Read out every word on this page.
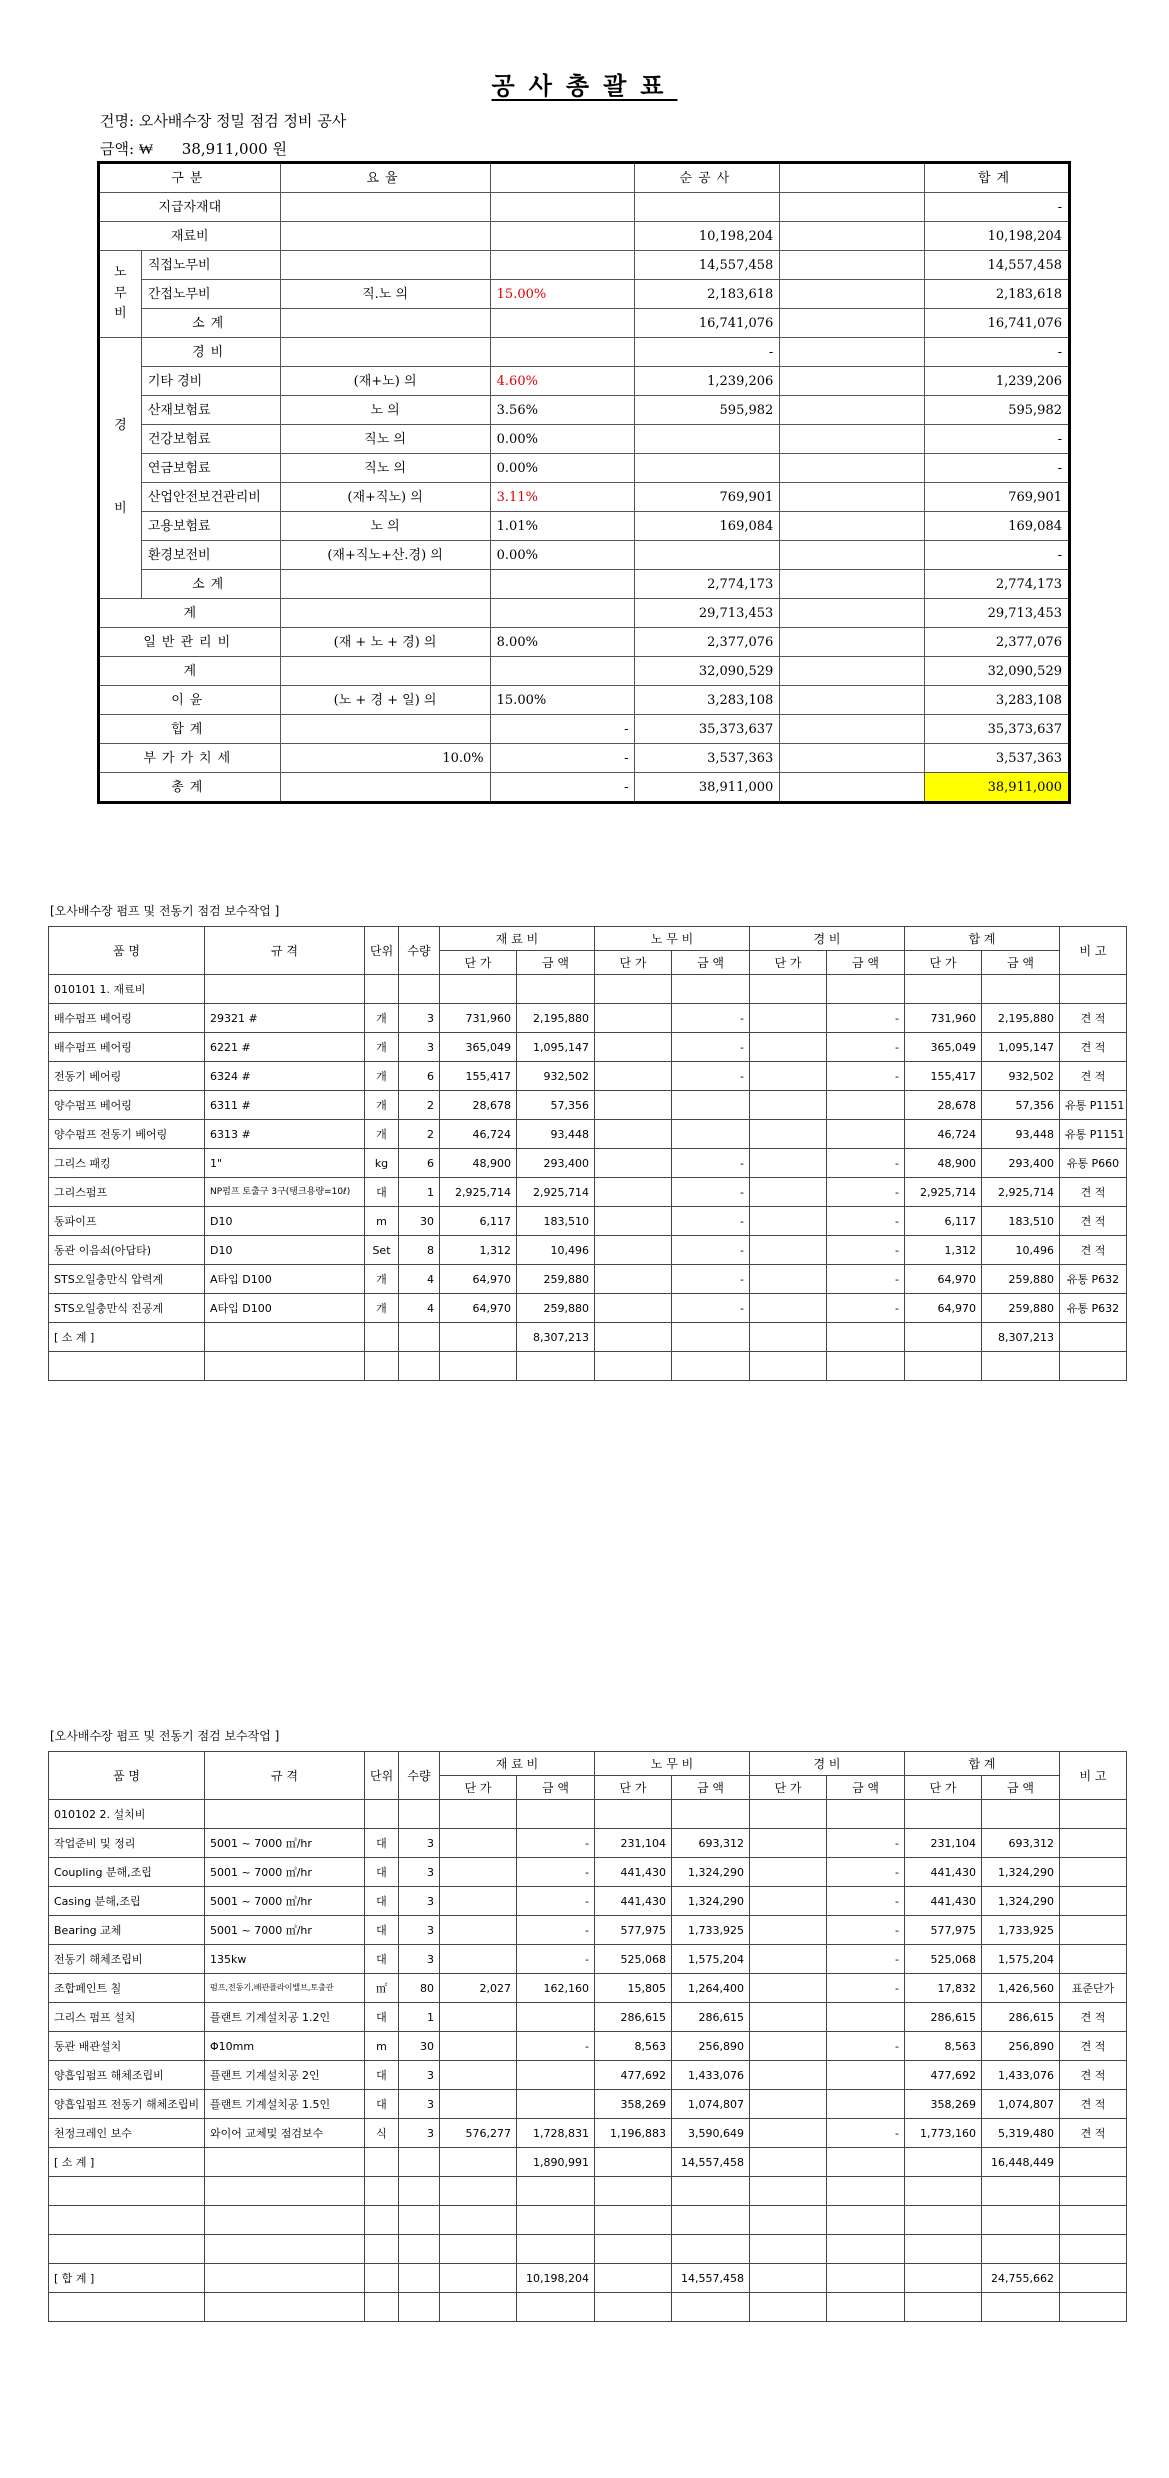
공사총괄표
건명: 오사배수장 정밀 점검 정비 공사
금액: ₩ 38,911,000 원
구분		요율		순공사		합계
지급자재대						-
재료비				10,198,204		10,198,204
노
무
비	직접노무비			14,557,458		14,557,458
	간접노무비	직.노 의	15.00%	2,183,618		2,183,618
	소계			16,741,076		16,741,076
경

비	경비			-		-
	기타 경비	(재+노) 의	4.60%	1,239,206		1,239,206
	산재보험료	노 의	3.56%	595,982		595,982
	건강보험료	직노 의	0.00%			-
	연금보험료	직노 의	0.00%			-
	산업안전보건관리비	(재+직노) 의	3.11%	769,901		769,901
	고용보험료	노 의	1.01%	169,084		169,084
	환경보전비	(재+직노+산.경) 의	0.00%			-
	소계			2,774,173		2,774,173
계				29,713,453		29,713,453
일반관리비		(재 + 노 + 경) 의	8.00%	2,377,076		2,377,076
계				32,090,529		32,090,529
이윤		(노 + 경 + 일) 의	15.00%	3,283,108		3,283,108
합계			-	35,373,637		35,373,637
부가가치세		10.0%	-	3,537,363		3,537,363
총계			-	38,911,000		38,911,000
[오사배수장 펌프 및 전동기 점검 보수작업 ]
품 명	규 격	단위	수량	재 료 비		노 무 비		경 비		합 계		비 고
				단 가	금 액	단 가	금 액	단 가	금 액	단 가	금 액	
010101 1. 재료비												
배수펌프 베어링	29321 #	개	3	731,960	2,195,880		-		-	731,960	2,195,880	견 적
배수펌프 베어링	6221 #	개	3	365,049	1,095,147		-		-	365,049	1,095,147	견 적
전동기 베어링	6324 #	개	6	155,417	932,502		-		-	155,417	932,502	견 적
양수펌프 베어링	6311 #	개	2	28,678	57,356					28,678	57,356	유통 P1151
양수펌프 전동기 베어링	6313 #	개	2	46,724	93,448					46,724	93,448	유통 P1151
그리스 패킹	1"	kg	6	48,900	293,400		-		-	48,900	293,400	유통 P660
그리스펌프	NP펌프 토출구 3구(탱크용량=10ℓ)	대	1	2,925,714	2,925,714		-		-	2,925,714	2,925,714	견 적
동파이프	D10	m	30	6,117	183,510		-		-	6,117	183,510	견 적
동관 이음쇠(아답타)	D10	Set	8	1,312	10,496		-		-	1,312	10,496	견 적
STS오일충만식 압력계	A타입 D100	개	4	64,970	259,880		-		-	64,970	259,880	유통 P632
STS오일충만식 진공계	A타입 D100	개	4	64,970	259,880		-		-	64,970	259,880	유통 P632
[ 소 계 ]					8,307,213						8,307,213	

[오사배수장 펌프 및 전동기 점검 보수작업 ]
품 명	규 격	단위	수량	재 료 비		노 무 비		경 비		합 계		비 고
				단 가	금 액	단 가	금 액	단 가	금 액	단 가	금 액	
010102 2. 설치비												
작업준비 및 정리	5001 ~ 7000 ㎥/hr	대	3		-	231,104	693,312		-	231,104	693,312	
Coupling 분해,조립	5001 ~ 7000 ㎥/hr	대	3		-	441,430	1,324,290		-	441,430	1,324,290	
Casing 분해,조립	5001 ~ 7000 ㎥/hr	대	3		-	441,430	1,324,290		-	441,430	1,324,290	
Bearing 교체	5001 ~ 7000 ㎥/hr	대	3		-	577,975	1,733,925		-	577,975	1,733,925	
전동기 해체조립비	135kw	대	3		-	525,068	1,575,204		-	525,068	1,575,204	
조합페인트 칠	펌프,전동기,배관플라이밸브,토출관	㎡	80	2,027	162,160	15,805	1,264,400		-	17,832	1,426,560	표준단가
그리스 펌프 설치	플랜트 기계설치공 1.2인	대	1			286,615	286,615			286,615	286,615	견 적
동관 배관설치	Φ10mm	m	30		-	8,563	256,890		-	8,563	256,890	견 적
양흡입펌프 해체조립비	플랜트 기계설치공 2인	대	3			477,692	1,433,076			477,692	1,433,076	견 적
양흡입펌프 전동기 해체조립비	플랜트 기계설치공 1.5인	대	3			358,269	1,074,807			358,269	1,074,807	견 적
천정크레인 보수	와이어 교체및 점검보수	식	3	576,277	1,728,831	1,196,883	3,590,649		-	1,773,160	5,319,480	견 적
[ 소 계 ]					1,890,991		14,557,458				16,448,449	

[ 합 계 ]					10,198,204		14,557,458				24,755,662	
